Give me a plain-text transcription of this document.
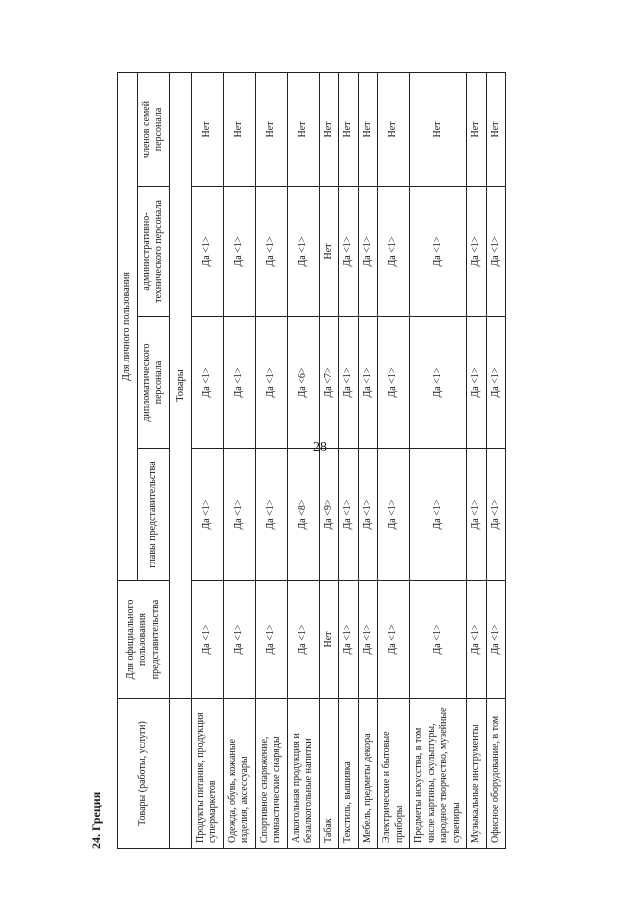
28
24. Греция	Товары (работы, услуги)	Для официального пользования представительства	Для личного пользования			
		главы представительства	дипломатического персонала	административно-технического персонала	членов семей персонала
	Товары				
Продукты питания, продукция супермаркетов	Да <1>	Да <1>	Да <1>	Да <1>	Нет
Одежда, обувь, кожаные изделия, аксессуары	Да <1>	Да <1>	Да <1>	Да <1>	Нет
Спортивное снаряжение, гимнастические снаряды	Да <1>	Да <1>	Да <1>	Да <1>	Нет
Алкогольная продукция и безалкогольные напитки	Да <1>	Да <8>	Да <6>	Да <1>	Нет
Табак	Нет	Да <9>	Да <7>	Нет	Нет
Текстиль, вышивка	Да <1>	Да <1>	Да <1>	Да <1>	Нет
Мебель, предметы декора	Да <1>	Да <1>	Да <1>	Да <1>	Нет
Электрические и бытовые приборы	Да <1>	Да <1>	Да <1>	Да <1>	Нет
Предметы искусства, в том числе картины, скульптуры, народное творчество, музейные сувениры	Да <1>	Да <1>	Да <1>	Да <1>	Нет
Музыкальные инструменты	Да <1>	Да <1>	Да <1>	Да <1>	Нет
Офисное оборудование, в том	Да <1>	Да <1>	Да <1>	Да <1>	Нет
